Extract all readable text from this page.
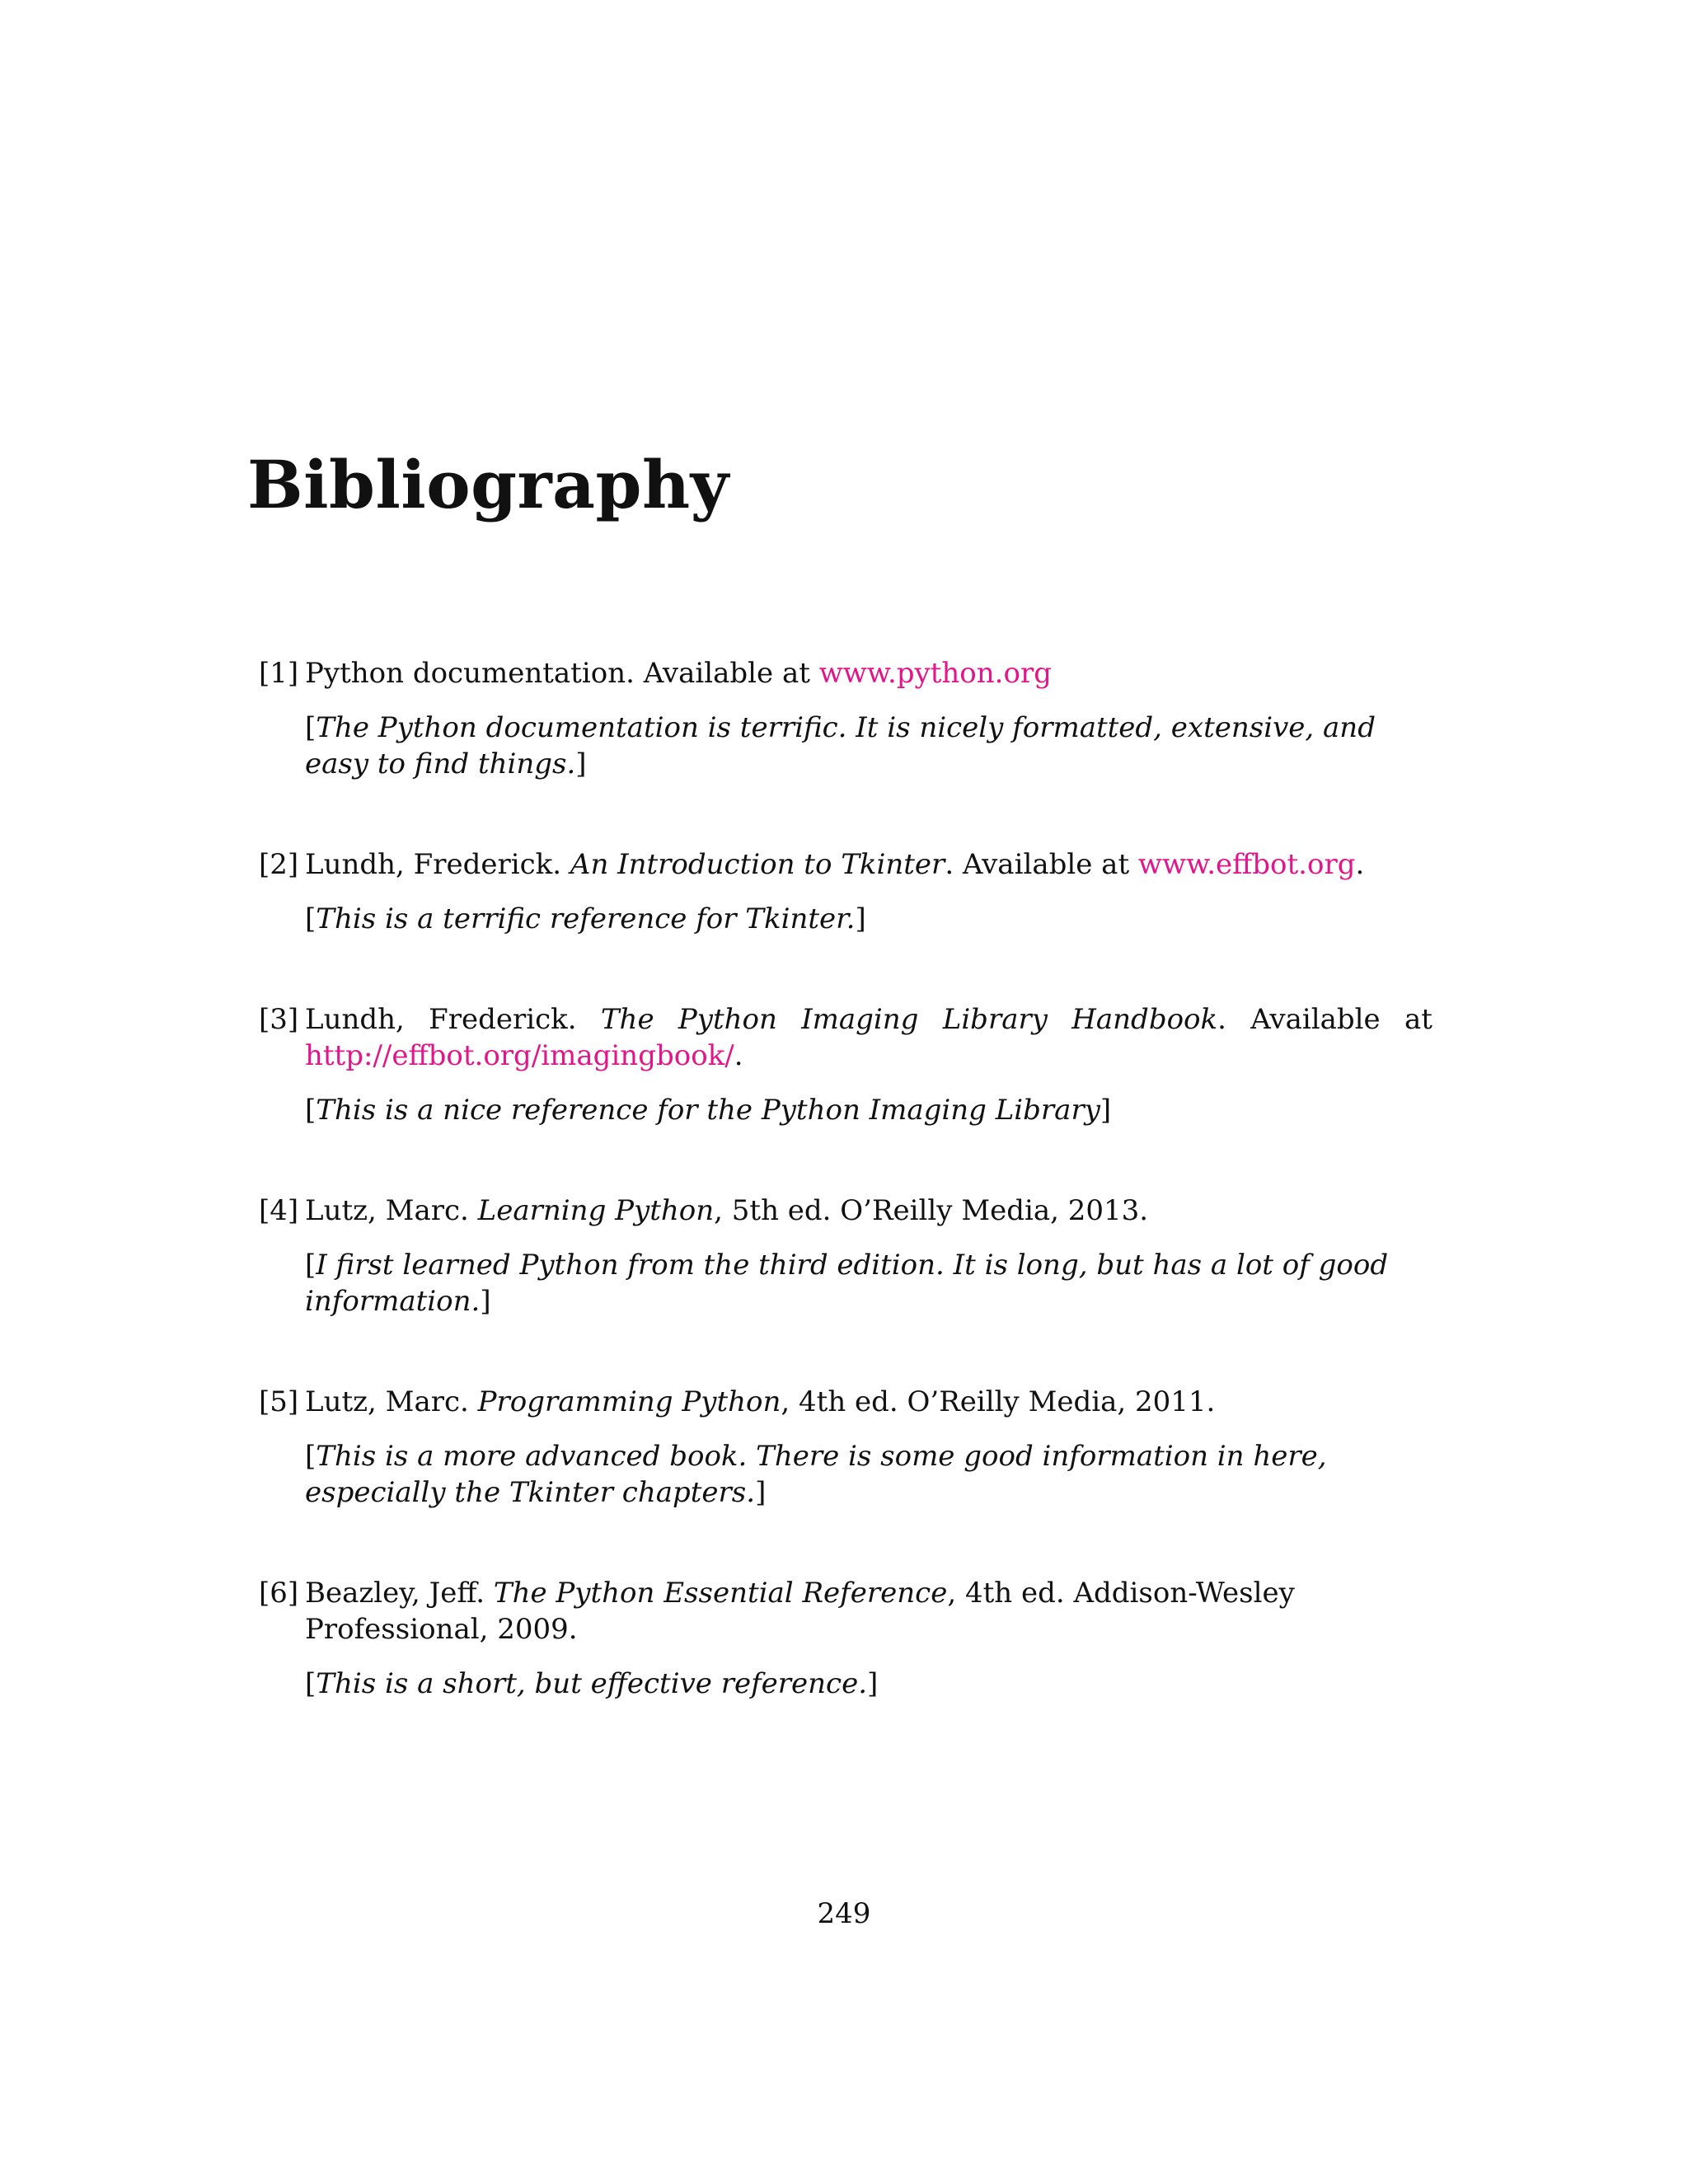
Bibliography
[1] Python documentation. Available at www.python.org
[The Python documentation is terrific. It is nicely formatted, extensive, and easy to find things.]
[2] Lundh, Frederick. An Introduction to Tkinter. Available at www.effbot.org.
[This is a terrific reference for Tkinter.]
[3] Lundh, Frederick. The Python Imaging Library Handbook. Available at
http://effbot.org/imagingbook/.
[This is a nice reference for the Python Imaging Library]
[4] Lutz, Marc. Learning Python, 5th ed. O’Reilly Media, 2013.
[I first learned Python from the third edition. It is long, but has a lot of good information.]
[5] Lutz, Marc. Programming Python, 4th ed. O’Reilly Media, 2011.
[This is a more advanced book. There is some good information in here, especially the Tkinter chapters.]
[6] Beazley, Jeff. The Python Essential Reference, 4th ed. Addison-Wesley Professional, 2009.
[This is a short, but effective reference.]
249
